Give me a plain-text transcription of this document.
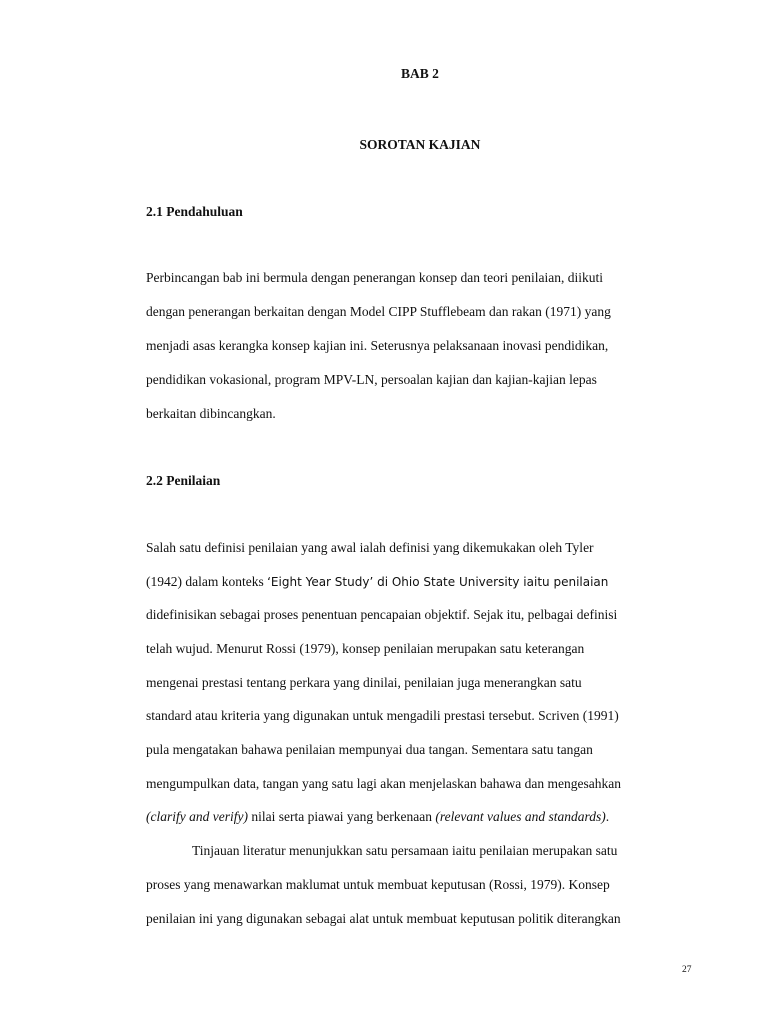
BAB 2
SOROTAN KAJIAN
2.1 Pendahuluan
Perbincangan bab ini bermula dengan penerangan konsep dan teori penilaian, diikuti
dengan penerangan berkaitan dengan Model CIPP Stufflebeam dan rakan (1971) yang
menjadi asas kerangka konsep kajian ini. Seterusnya pelaksanaan inovasi pendidikan,
pendidikan vokasional, program MPV-LN, persoalan kajian dan kajian-kajian lepas
berkaitan dibincangkan.
2.2 Penilaian
Salah satu definisi penilaian yang awal ialah definisi yang dikemukakan oleh Tyler
(1942) dalam konteks ‘Eight Year Study’ di Ohio State University iaitu penilaian
didefinisikan sebagai proses penentuan pencapaian objektif. Sejak itu, pelbagai definisi
telah wujud. Menurut Rossi (1979), konsep penilaian merupakan satu keterangan
mengenai prestasi tentang perkara yang dinilai, penilaian juga menerangkan satu
standard atau kriteria yang digunakan untuk mengadili prestasi tersebut. Scriven (1991)
pula mengatakan bahawa penilaian mempunyai dua tangan. Sementara satu tangan
mengumpulkan data, tangan yang satu lagi akan menjelaskan bahawa dan mengesahkan
(clarify and verify) nilai serta piawai yang berkenaan (relevant values and standards).
Tinjauan literatur menunjukkan satu persamaan iaitu penilaian merupakan satu
proses yang menawarkan maklumat untuk membuat keputusan (Rossi, 1979). Konsep
penilaian ini yang digunakan sebagai alat untuk membuat keputusan politik diterangkan
27
